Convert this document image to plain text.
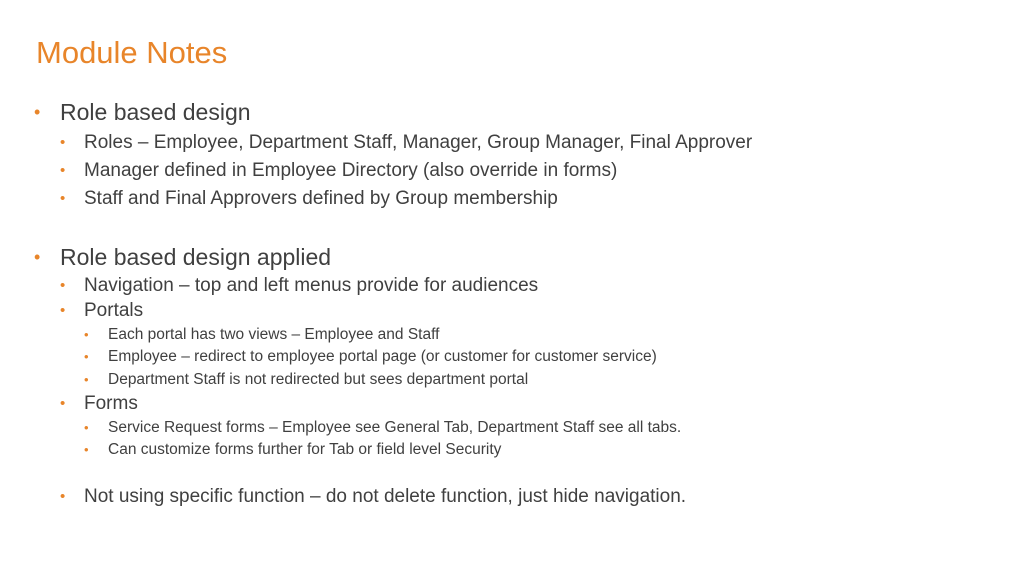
Module Notes
• Role based design
• Roles – Employee, Department Staff, Manager, Group Manager, Final Approver
• Manager defined in Employee Directory (also override in forms)
• Staff and Final Approvers defined by Group membership
• Role based design applied
• Navigation – top and left menus provide for audiences
• Portals
• Each portal has two views – Employee and Staff
• Employee – redirect to employee portal page (or customer for customer service)
• Department Staff is not redirected but sees department portal
• Forms
• Service Request forms – Employee see General Tab, Department Staff see all tabs.
• Can customize forms further for Tab or field level Security
• Not using specific function – do not delete function, just hide navigation.
